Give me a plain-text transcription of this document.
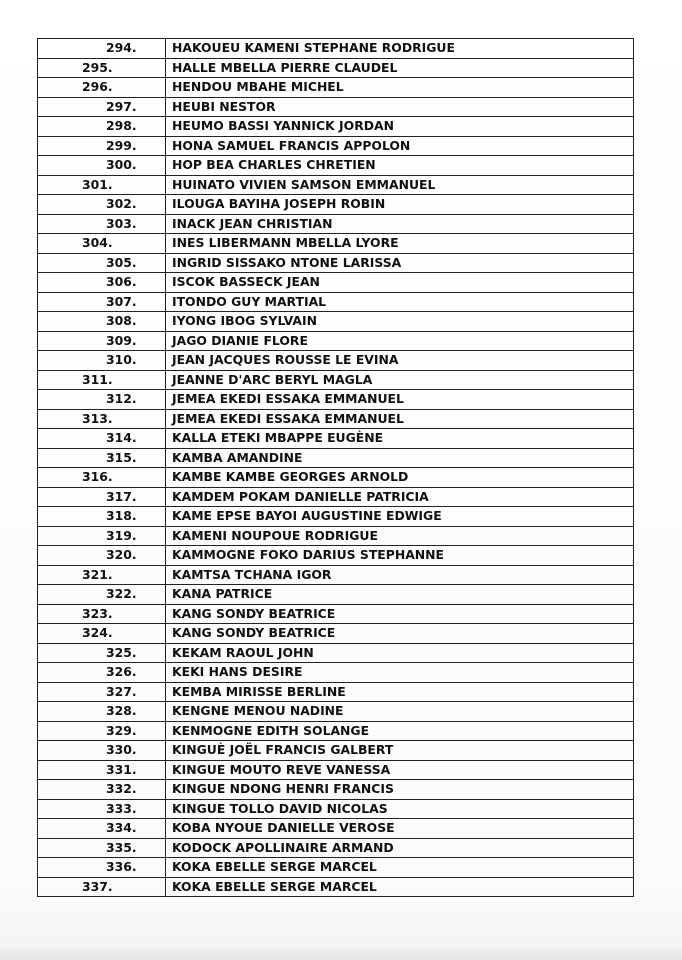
294.	HAKOUEU KAMENI STEPHANE RODRIGUE
295.	HALLE MBELLA PIERRE CLAUDEL
296.	HENDOU MBAHE MICHEL
297.	HEUBI NESTOR
298.	HEUMO BASSI YANNICK JORDAN
299.	HONA SAMUEL FRANCIS APPOLON
300.	HOP BEA CHARLES CHRETIEN
301.	HUINATO VIVIEN SAMSON EMMANUEL
302.	ILOUGA BAYIHA JOSEPH ROBIN
303.	INACK JEAN CHRISTIAN
304.	INES LIBERMANN MBELLA LYORE
305.	INGRID SISSAKO NTONE LARISSA
306.	ISCOK BASSECK JEAN
307.	ITONDO GUY MARTIAL
308.	IYONG IBOG SYLVAIN
309.	JAGO DIANIE FLORE
310.	JEAN JACQUES ROUSSE LE EVINA
311.	JEANNE D'ARC BERYL MAGLA
312.	JEMEA EKEDI ESSAKA EMMANUEL
313.	JEMEA EKEDI ESSAKA EMMANUEL
314.	KALLA ETEKI MBAPPE EUGÈNE
315.	KAMBA AMANDINE
316.	KAMBE KAMBE GEORGES ARNOLD
317.	KAMDEM POKAM DANIELLE PATRICIA
318.	KAME EPSE BAYOI AUGUSTINE EDWIGE
319.	KAMENI NOUPOUE RODRIGUE
320.	KAMMOGNE FOKO DARIUS STEPHANNE
321.	KAMTSA TCHANA IGOR
322.	KANA PATRICE
323.	KANG SONDY BEATRICE
324.	KANG SONDY BEATRICE
325.	KEKAM RAOUL JOHN
326.	KEKI HANS DESIRE
327.	KEMBA MIRISSE BERLINE
328.	KENGNE MENOU NADINE
329.	KENMOGNE EDITH SOLANGE
330.	KINGUÈ JOËL FRANCIS GALBERT
331.	KINGUE MOUTO REVE VANESSA
332.	KINGUE NDONG HENRI FRANCIS
333.	KINGUE TOLLO DAVID NICOLAS
334.	KOBA NYOUE DANIELLE VEROSE
335.	KODOCK APOLLINAIRE ARMAND
336.	KOKA EBELLE SERGE MARCEL
337.	KOKA EBELLE SERGE MARCEL
